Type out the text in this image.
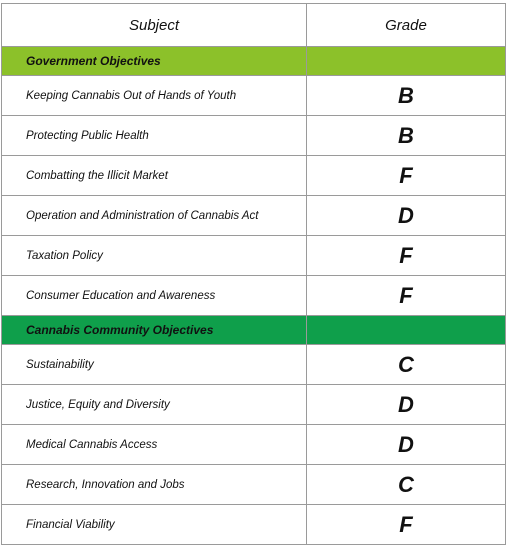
Subject	Grade
Government Objectives	
Keeping Cannabis Out of Hands of Youth	B
Protecting Public Health	B
Combatting the Illicit Market	F
Operation and Administration of Cannabis Act	D
Taxation Policy	F
Consumer Education and Awareness	F
Cannabis Community Objectives	
Sustainability	C
Justice, Equity and Diversity	D
Medical Cannabis Access	D
Research, Innovation and Jobs	C
Financial Viability	F
